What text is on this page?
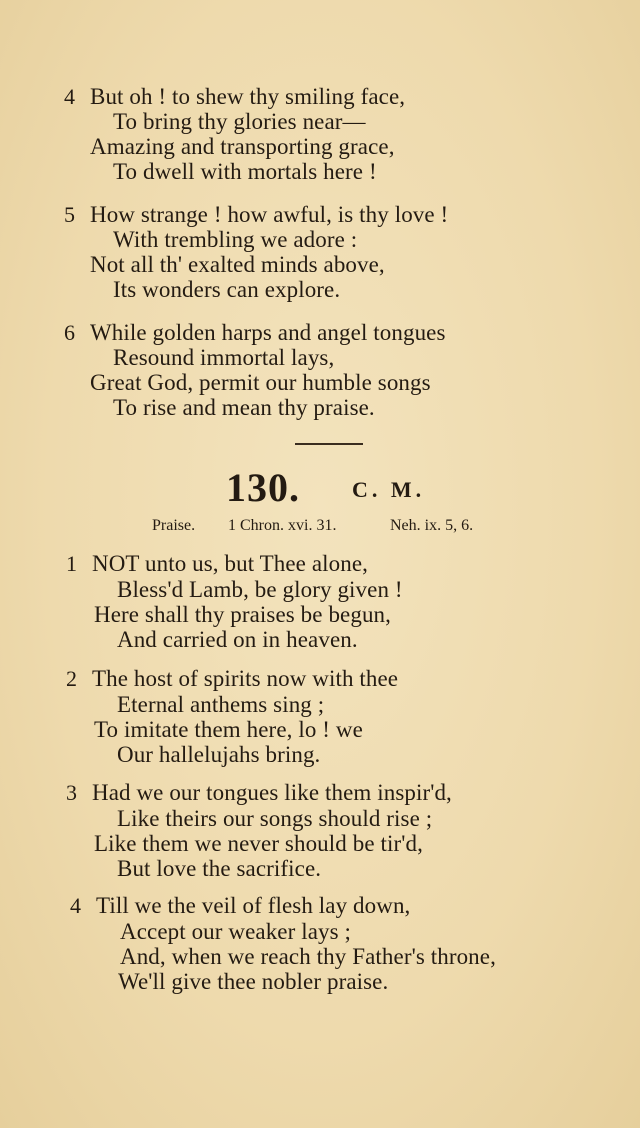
4 But oh ! to shew thy smiling face,
To bring thy glories near—
Amazing and transporting grace,
To dwell with mortals here !
5 How strange ! how awful, is thy love !
With trembling we adore :
Not all th' exalted minds above,
Its wonders can explore.
6 While golden harps and angel tongues
Resound immortal lays,
Great God, permit our humble songs
To rise and mean thy praise.
130. C. M.
Praise. 1 Chron. xvi. 31.	Neh. ix. 5, 6.
1 NOT unto us, but Thee alone,
Bless'd Lamb, be glory given !
Here shall thy praises be begun,
And carried on in heaven.
2 The host of spirits now with thee
Eternal anthems sing ;
To imitate them here, lo ! we
Our hallelujahs bring.
3 Had we our tongues like them inspir'd,
Like theirs our songs should rise ;
Like them we never should be tir'd,
But love the sacrifice.
4 Till we the veil of flesh lay down,
Accept our weaker lays ;
And, when we reach thy Father's throne,
We'll give thee nobler praise.
